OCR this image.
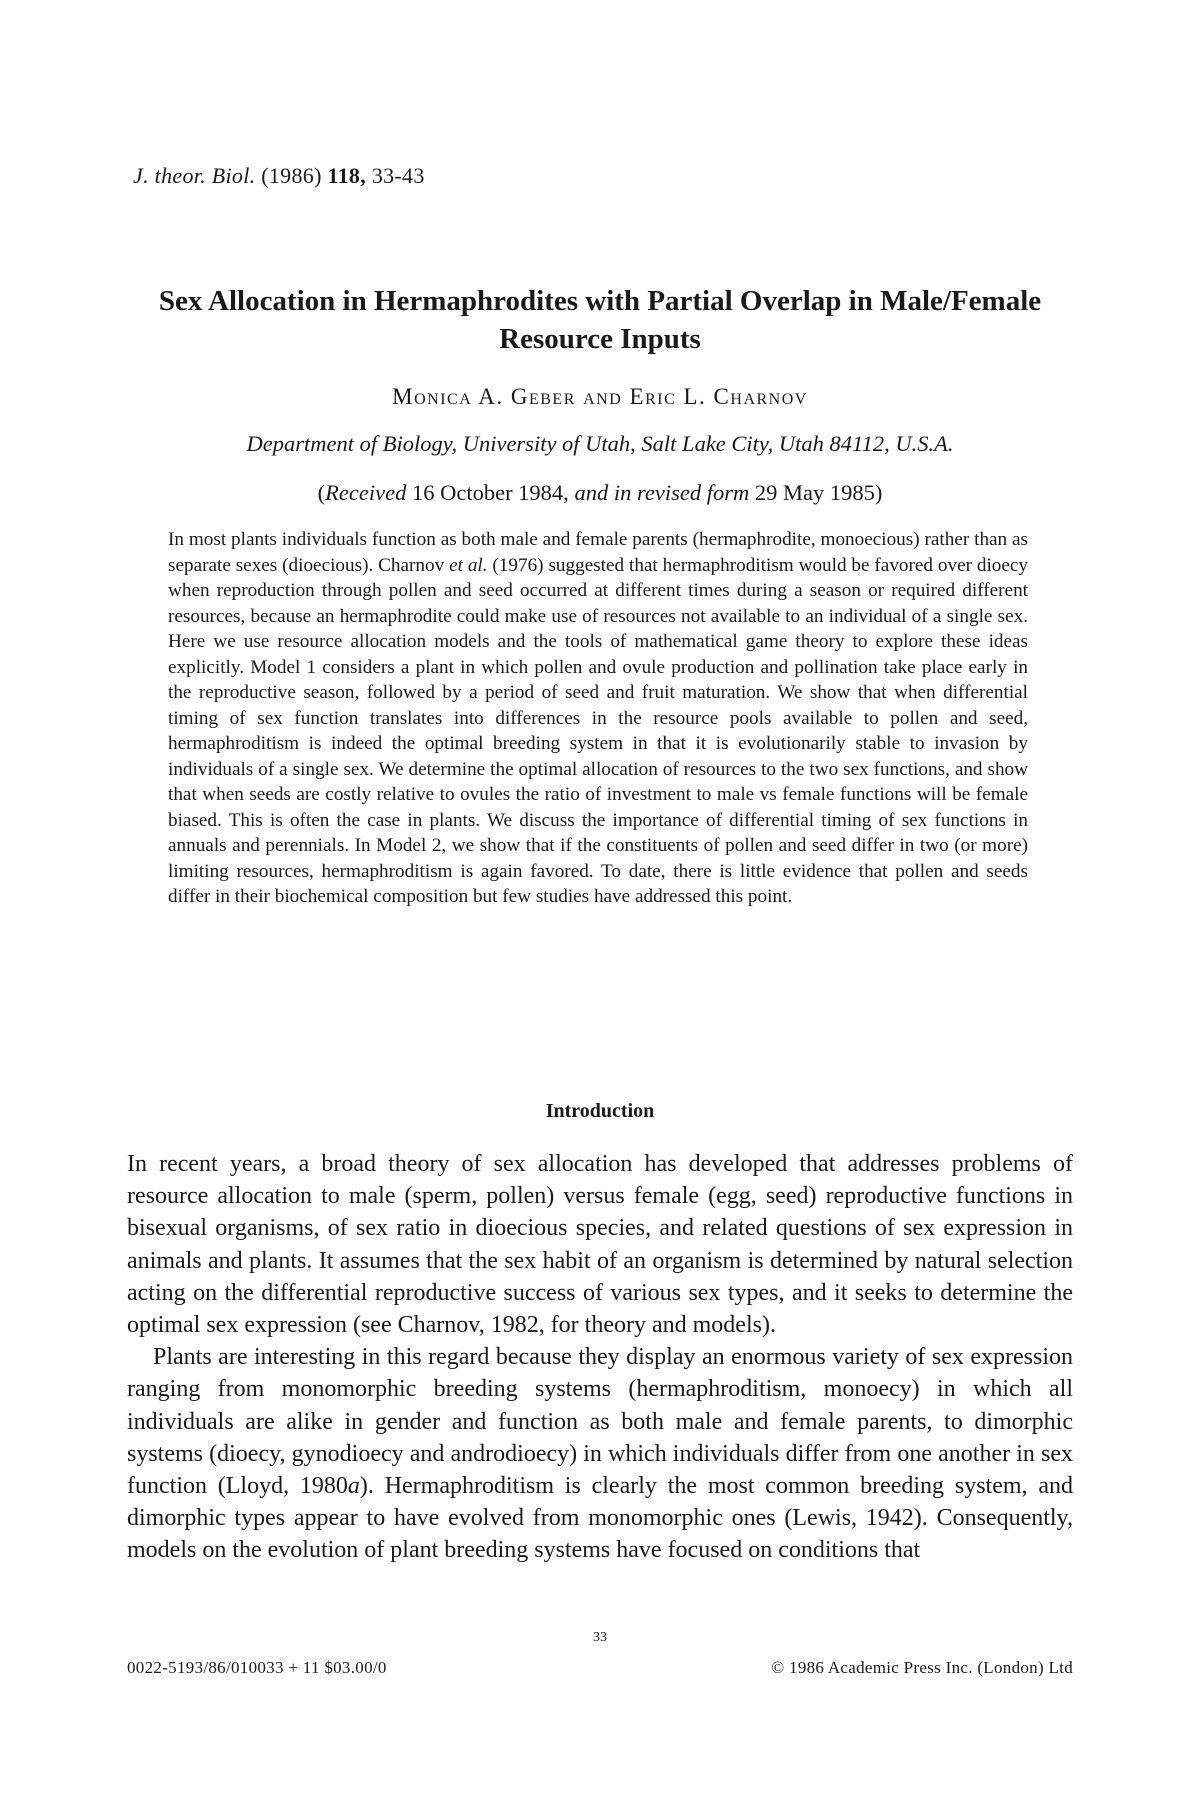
J. theor. Biol. (1986) 118, 33-43
Sex Allocation in Hermaphrodites with Partial Overlap in Male/Female Resource Inputs
Monica A. Geber and Eric L. Charnov
Department of Biology, University of Utah, Salt Lake City, Utah 84112, U.S.A.
(Received 16 October 1984, and in revised form 29 May 1985)
In most plants individuals function as both male and female parents (hermaphrodite, monoecious) rather than as separate sexes (dioecious). Charnov et al. (1976) suggested that hermaphroditism would be favored over dioecy when reproduction through pollen and seed occurred at different times during a season or required different resources, because an hermaphrodite could make use of resources not available to an individual of a single sex. Here we use resource allocation models and the tools of mathematical game theory to explore these ideas explicitly. Model 1 considers a plant in which pollen and ovule production and pollination take place early in the reproductive season, followed by a period of seed and fruit maturation. We show that when differential timing of sex function translates into differences in the resource pools available to pollen and seed, hermaphroditism is indeed the optimal breeding system in that it is evolutionarily stable to invasion by individuals of a single sex. We determine the optimal allocation of resources to the two sex functions, and show that when seeds are costly relative to ovules the ratio of investment to male vs female functions will be female biased. This is often the case in plants. We discuss the importance of differential timing of sex functions in annuals and perennials. In Model 2, we show that if the constituents of pollen and seed differ in two (or more) limiting resources, hermaphroditism is again favored. To date, there is little evidence that pollen and seeds differ in their biochemical composition but few studies have addressed this point.
Introduction

In recent years, a broad theory of sex allocation has developed that addresses problems of resource allocation to male (sperm, pollen) versus female (egg, seed) reproductive functions in bisexual organisms, of sex ratio in dioecious species, and related questions of sex expression in animals and plants. It assumes that the sex habit of an organism is determined by natural selection acting on the differential reproductive success of various sex types, and it seeks to determine the optimal sex expression (see Charnov, 1982, for theory and models).

Plants are interesting in this regard because they display an enormous variety of sex expression ranging from monomorphic breeding systems (hermaphroditism, monoecy) in which all individuals are alike in gender and function as both male and female parents, to dimorphic systems (dioecy, gynodioecy and androdioecy) in which individuals differ from one another in sex function (Lloyd, 1980a). Hermaphroditism is clearly the most common breeding system, and dimorphic types appear to have evolved from monomorphic ones (Lewis, 1942). Consequently, models on the evolution of plant breeding systems have focused on conditions that

33
0022-5193/86/010033 + 11 $03.00/0	© 1986 Academic Press Inc. (London) Ltd
